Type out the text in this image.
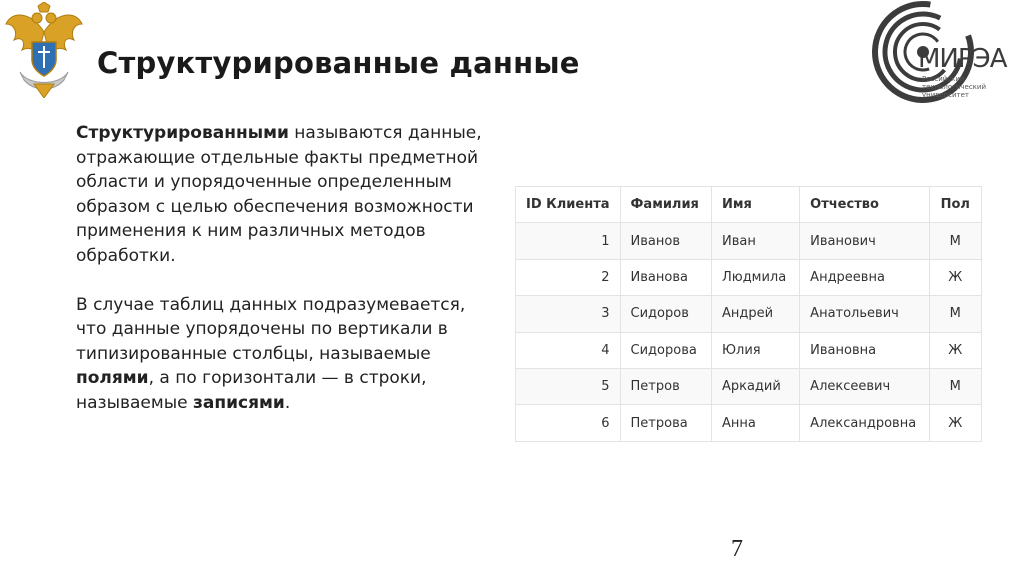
Структурированные данные	МИРЭА
Российский
технологический
университет

Структурированными называются данные, отражающие отдельные факты предметной области и упорядоченные определенным образом с целью обеспечения возможности применения к ним различных методов обработки.

В случае таблиц данных подразумевается, что данные упорядочены по вертикали в типизированные столбцы, называемые полями, а по горизонтали — в строки, называемые записями.

ID Клиента	Фамилия	Имя	Отчество	Пол
1	Иванов	Иван	Иванович	М
2	Иванова	Людмила	Андреевна	Ж
3	Сидоров	Андрей	Анатольевич	М
4	Сидорова	Юлия	Ивановна	Ж
5	Петров	Аркадий	Алексеевич	М
6	Петрова	Анна	Александровна	Ж
7
